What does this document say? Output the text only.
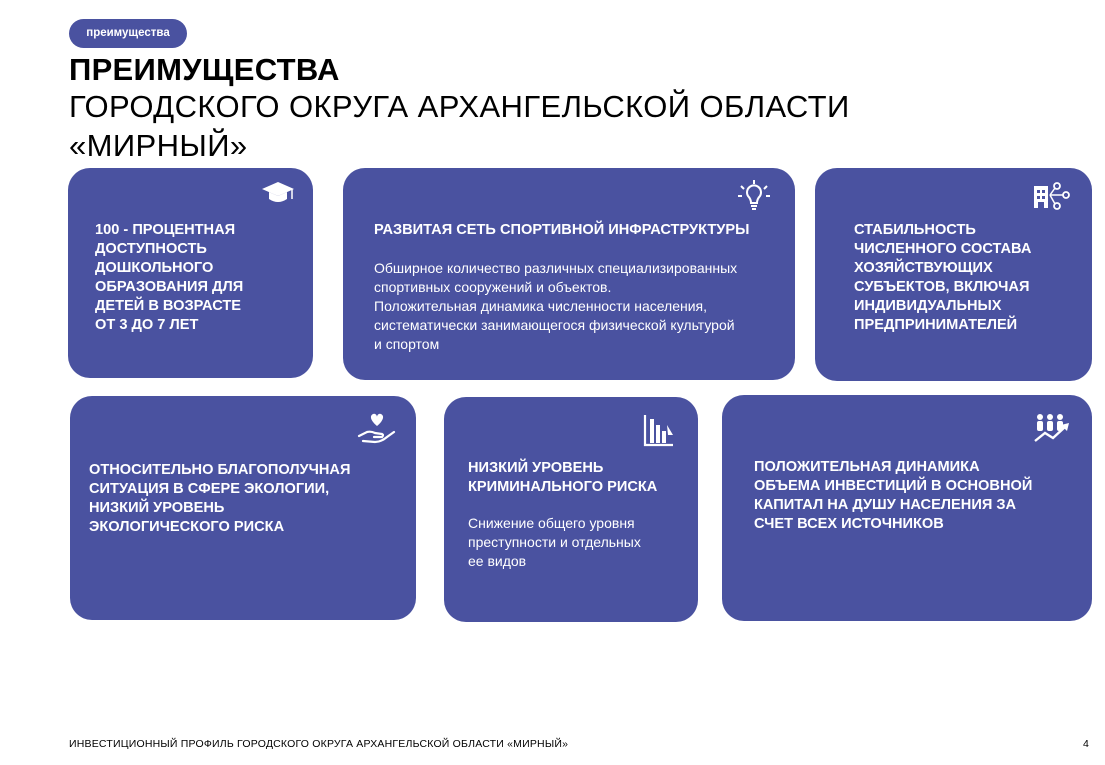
преимущества
ПРЕИМУЩЕСТВА
ГОРОДСКОГО ОКРУГА АРХАНГЕЛЬСКОЙ ОБЛАСТИ
«МИРНЫЙ»
100 - ПРОЦЕНТНАЯ
ДОСТУПНОСТЬ
ДОШКОЛЬНОГО
ОБРАЗОВАНИЯ ДЛЯ
ДЕТЕЙ В ВОЗРАСТЕ
ОТ 3 ДО 7 ЛЕТ
РАЗВИТАЯ СЕТЬ СПОРТИВНОЙ ИНФРАСТРУКТУРЫ
Обширное количество различных специализированных
спортивных сооружений и объектов.
Положительная динамика численности населения,
систематически занимающегося физической культурой
и спортом
СТАБИЛЬНОСТЬ
ЧИСЛЕННОГО СОСТАВА
ХОЗЯЙСТВУЮЩИХ
СУБЪЕКТОВ, ВКЛЮЧАЯ
ИНДИВИДУАЛЬНЫХ
ПРЕДПРИНИМАТЕЛЕЙ
ОТНОСИТЕЛЬНО БЛАГОПОЛУЧНАЯ
СИТУАЦИЯ В СФЕРЕ ЭКОЛОГИИ,
НИЗКИЙ УРОВЕНЬ
ЭКОЛОГИЧЕСКОГО РИСКА
НИЗКИЙ УРОВЕНЬ
КРИМИНАЛЬНОГО РИСКА
Снижение общего уровня
преступности и отдельных
ее видов
ПОЛОЖИТЕЛЬНАЯ ДИНАМИКА
ОБЪЕМА ИНВЕСТИЦИЙ В ОСНОВНОЙ
КАПИТАЛ НА ДУШУ НАСЕЛЕНИЯ ЗА
СЧЕТ ВСЕХ ИСТОЧНИКОВ
ИНВЕСТИЦИОННЫЙ ПРОФИЛЬ ГОРОДСКОГО ОКРУГА АРХАНГЕЛЬСКОЙ ОБЛАСТИ «МИРНЫЙ»	4
